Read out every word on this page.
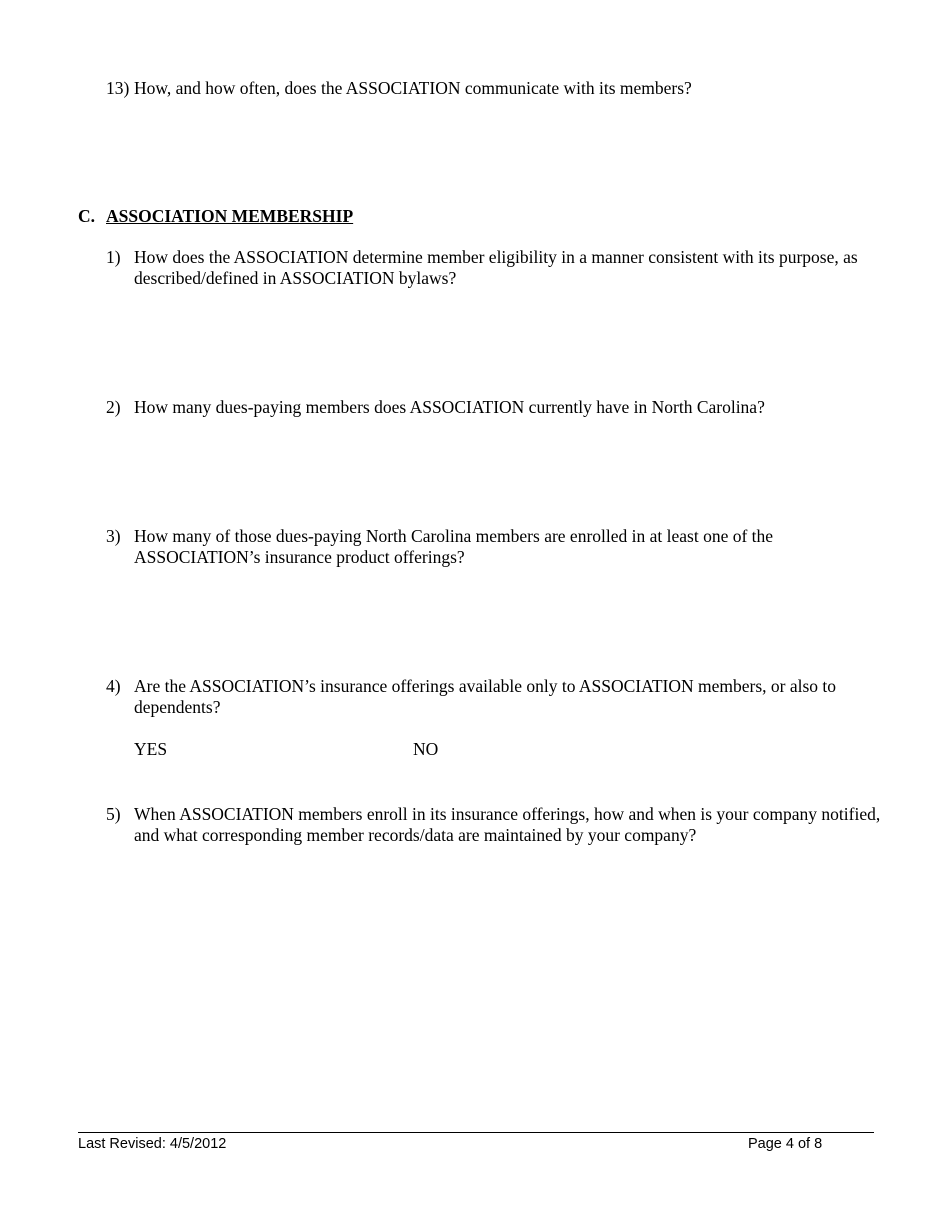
13) How, and how often, does the ASSOCIATION communicate with its members?
C. ASSOCIATION MEMBERSHIP
1) How does the ASSOCIATION determine member eligibility in a manner consistent with its purpose, as described/defined in ASSOCIATION bylaws?
2) How many dues-paying members does ASSOCIATION currently have in North Carolina?
3) How many of those dues-paying North Carolina members are enrolled in at least one of the ASSOCIATION’s insurance product offerings?
4) Are the ASSOCIATION’s insurance offerings available only to ASSOCIATION members, or also to dependents?
YES	NO
5) When ASSOCIATION members enroll in its insurance offerings, how and when is your company notified, and what corresponding member records/data are maintained by your company?
Last Revised: 4/5/2012	Page 4 of 8
